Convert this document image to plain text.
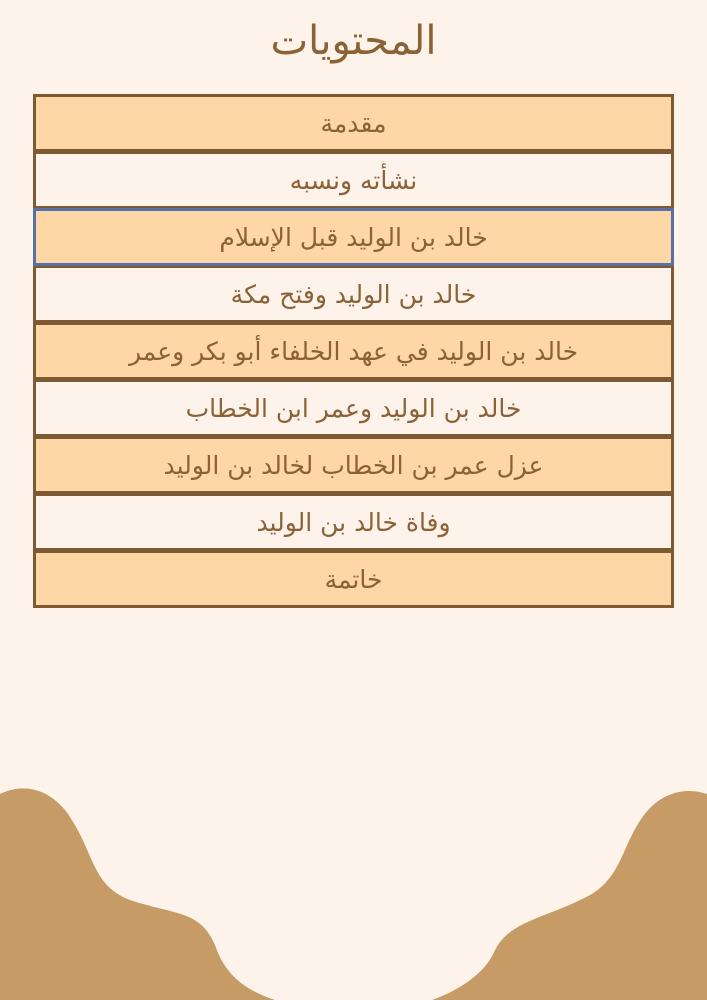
المحتويات
مقدمة
نشأته ونسبه
خالد بن الوليد قبل الإسلام
خالد بن الوليد وفتح مكة
خالد بن الوليد في عهد الخلفاء أبو بكر وعمر
خالد بن الوليد وعمر ابن الخطاب
عزل عمر بن الخطاب لخالد بن الوليد
وفاة خالد بن الوليد
خاتمة
